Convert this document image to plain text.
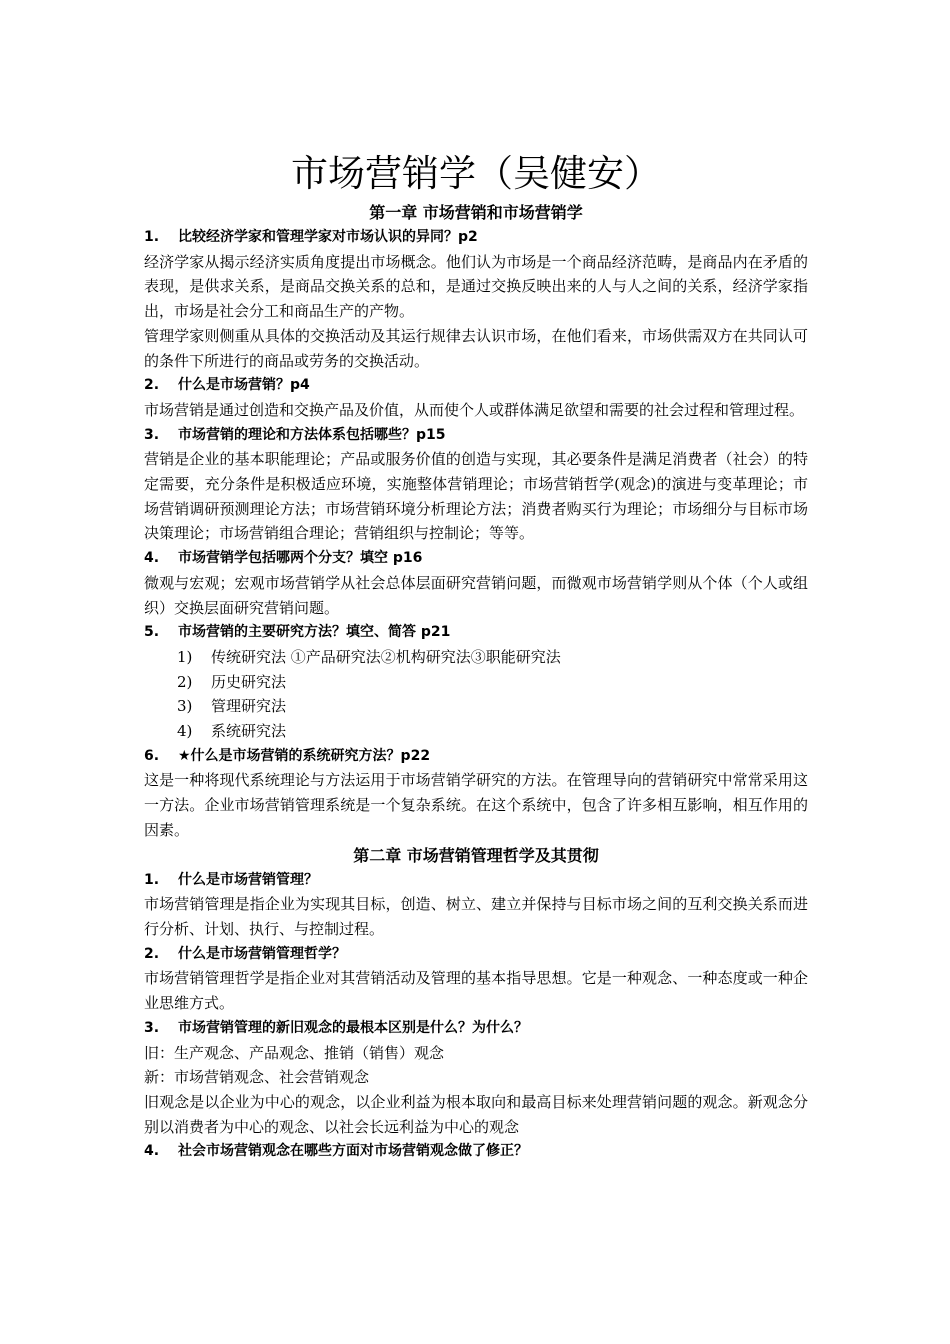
市场营销学（吴健安）
第一章 市场营销和市场营销学
1. 比较经济学家和管理学家对市场认识的异同？p2

经济学家从揭示经济实质角度提出市场概念。他们认为市场是一个商品经济范畴，是商品内在矛盾的表现，是供求关系，是商品交换关系的总和，是通过交换反映出来的人与人之间的关系，经济学家指出，市场是社会分工和商品生产的产物。

管理学家则侧重从具体的交换活动及其运行规律去认识市场，在他们看来，市场供需双方在共同认可的条件下所进行的商品或劳务的交换活动。

2. 什么是市场营销？p4

市场营销是通过创造和交换产品及价值，从而使个人或群体满足欲望和需要的社会过程和管理过程。

3. 市场营销的理论和方法体系包括哪些？p15

营销是企业的基本职能理论；产品或服务价值的创造与实现，其必要条件是满足消费者（社会）的特定需要，充分条件是积极适应环境，实施整体营销理论；市场营销哲学(观念)的演进与变革理论；市场营销调研预测理论方法；市场营销环境分析理论方法；消费者购买行为理论；市场细分与目标市场决策理论；市场营销组合理论；营销组织与控制论；等等。

4. 市场营销学包括哪两个分支？填空 p16

微观与宏观；宏观市场营销学从社会总体层面研究营销问题，而微观市场营销学则从个体（个人或组织）交换层面研究营销问题。

5. 市场营销的主要研究方法？填空、简答 p21
1) 传统研究法 ①产品研究法②机构研究法③职能研究法
2) 历史研究法
3) 管理研究法
4) 系统研究法
6. ★什么是市场营销的系统研究方法？p22

这是一种将现代系统理论与方法运用于市场营销学研究的方法。在管理导向的营销研究中常常采用这一方法。企业市场营销管理系统是一个复杂系统。在这个系统中，包含了许多相互影响，相互作用的因素。

第二章 市场营销管理哲学及其贯彻
1. 什么是市场营销管理？

市场营销管理是指企业为实现其目标，创造、树立、建立并保持与目标市场之间的互利交换关系而进行分析、计划、执行、与控制过程。

2. 什么是市场营销管理哲学？

市场营销管理哲学是指企业对其营销活动及管理的基本指导思想。它是一种观念、一种态度或一种企业思维方式。

3. 市场营销管理的新旧观念的最根本区别是什么？为什么？

旧：生产观念、产品观念、推销（销售）观念

新：市场营销观念、社会营销观念

旧观念是以企业为中心的观念，以企业利益为根本取向和最高目标来处理营销问题的观念。新观念分别以消费者为中心的观念、以社会长远利益为中心的观念

4. 社会市场营销观念在哪些方面对市场营销观念做了修正？
